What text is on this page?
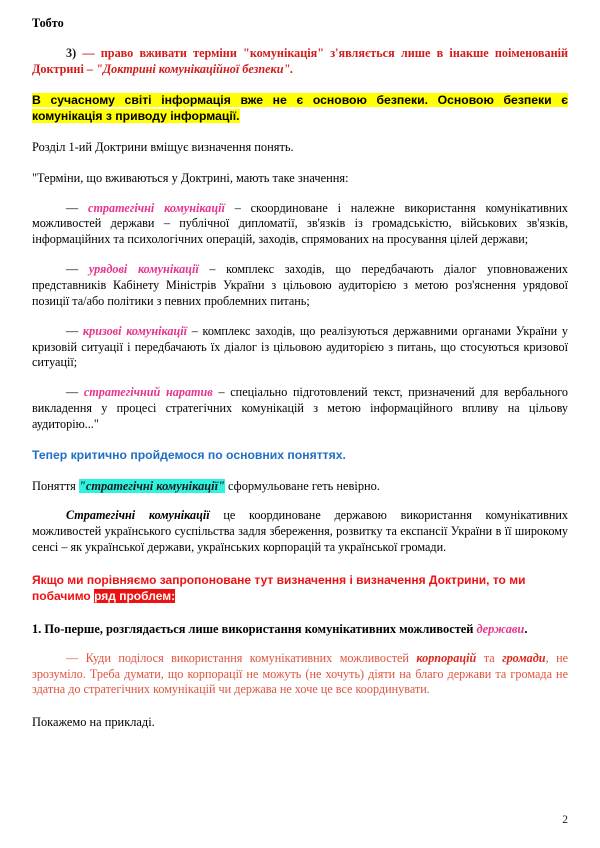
Тобто

3) — право вживати терміни "комунікація" з'являється лише в інакше поіменованій Доктрині – "Доктрині комунікаційної безпеки".

В сучасному світі інформація вже не є основою безпеки. Основою безпеки є комунікація з приводу інформації.

Розділ 1-ий Доктрини вміщує визначення понять.

"Терміни, що вживаються у Доктрині, мають таке значення:

— стратегічні комунікації – скоординоване і належне використання комунікативних можливостей держави – публічної дипломатії, зв'язків із громадськістю, військових зв'язків, інформаційних та психологічних операцій, заходів, спрямованих на просування цілей держави;

— урядові комунікації – комплекс заходів, що передбачають діалог уповноважених представників Кабінету Міністрів України з цільовою аудиторією з метою роз'яснення урядової позиції та/або політики з певних проблемних питань;

— кризові комунікації – комплекс заходів, що реалізуються державними органами України у кризовій ситуації і передбачають їх діалог із цільовою аудиторією з питань, що стосуються кризової ситуації;

— стратегічний наратив – спеціально підготовлений текст, призначений для вербального викладення у процесі стратегічних комунікацій з метою інформаційного впливу на цільову аудиторію..."

Тепер критично пройдемося по основних поняттях.

Поняття "стратегічні комунікації" сформульоване геть невірно.

Стратегічні комунікації це координоване державою використання комунікативних можливостей українського суспільства задля збереження, розвитку та експансії України в її широкому сенсі – як української держави, українських корпорацій та української громади.

Якщо ми порівняємо запропоноване тут визначення і визначення Доктрини, то ми побачимо ряд проблем:

1. По-перше, розглядається лише використання комунікативних можливостей держави.

— Куди поділося використання комунікативних можливостей корпорацій та громади, не зрозуміло. Треба думати, що корпорації не можуть (не хочуть) діяти на благо держави та громада не здатна до стратегічних комунікацій чи держава не хоче це все координувати.

Покажемо на прикладі.

2
